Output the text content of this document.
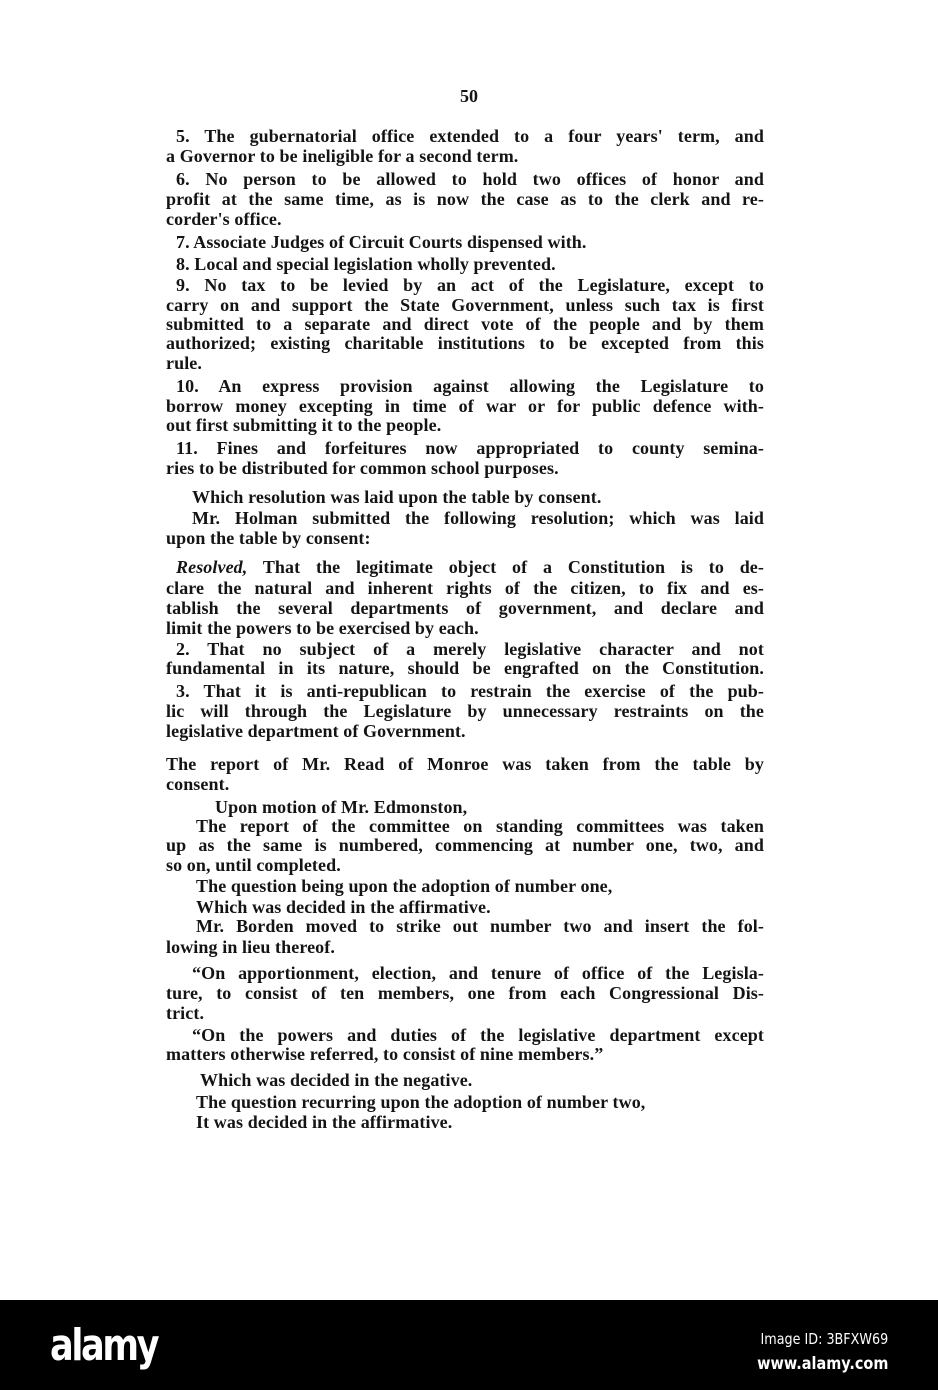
50
5. The gubernatorial office extended to a four years' term, and
a Governor to be ineligible for a second term.
6. No person to be allowed to hold two offices of honor and
profit at the same time, as is now the case as to the clerk and re-
corder's office.
7. Associate Judges of Circuit Courts dispensed with.
8. Local and special legislation wholly prevented.
9. No tax to be levied by an act of the Legislature, except to
carry on and support the State Government, unless such tax is first
submitted to a separate and direct vote of the people and by them
authorized; existing charitable institutions to be excepted from this
rule.
10. An express provision against allowing the Legislature to
borrow money excepting in time of war or for public defence with-
out first submitting it to the people.
11. Fines and forfeitures now appropriated to county semina-
ries to be distributed for common school purposes.
Which resolution was laid upon the table by consent.
Mr. Holman submitted the following resolution; which was laid
upon the table by consent:
Resolved, That the legitimate object of a Constitution is to de-
clare the natural and inherent rights of the citizen, to fix and es-
tablish the several departments of government, and declare and
limit the powers to be exercised by each.
2. That no subject of a merely legislative character and not
fundamental in its nature, should be engrafted on the Constitution.
3. That it is anti-republican to restrain the exercise of the pub-
lic will through the Legislature by unnecessary restraints on the
legislative department of Government.
The report of Mr. Read of Monroe was taken from the table by
consent.
Upon motion of Mr. Edmonston,
The report of the committee on standing committees was taken
up as the same is numbered, commencing at number one, two, and
so on, until completed.
The question being upon the adoption of number one,
Which was decided in the affirmative.
Mr. Borden moved to strike out number two and insert the fol-
lowing in lieu thereof.
“On apportionment, election, and tenure of office of the Legisla-
ture, to consist of ten members, one from each Congressional Dis-
trict.
“On the powers and duties of the legislative department except
matters otherwise referred, to consist of nine members.”
Which was decided in the negative.
The question recurring upon the adoption of number two,
It was decided in the affirmative.
alamy	Image ID: 3BFXW69
www.alamy.com
